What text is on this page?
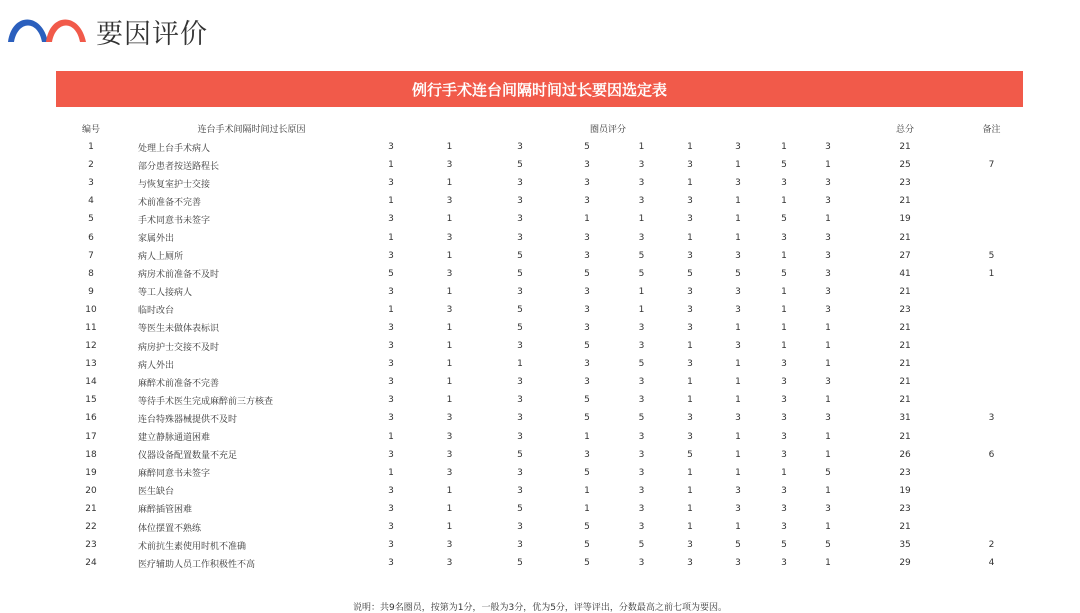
要因评价
例行手术连台间隔时间过长要因选定表
编号	连台手术间隔时间过长原因	圈员评分									总分	备注
1	处理上台手术病人	3	1	3	5	1	1	3	1	3	21	
2	部分患者按送路程长	1	3	5	3	3	3	1	5	1	25	7
3	与恢复室护士交接	3	1	3	3	3	1	3	3	3	23	
4	术前准备不完善	1	3	3	3	3	3	1	1	3	21	
5	手术同意书未签字	3	1	3	1	1	3	1	5	1	19	
6	家属外出	1	3	3	3	3	1	1	3	3	21	
7	病人上厕所	3	1	5	3	5	3	3	1	3	27	5
8	病房术前准备不及时	5	3	5	5	5	5	5	5	3	41	1
9	等工人接病人	3	1	3	3	1	3	3	1	3	21	
10	临时改台	1	3	5	3	1	3	3	1	3	23	
11	等医生未做体表标识	3	1	5	3	3	3	1	1	1	21	
12	病房护士交接不及时	3	1	3	5	3	1	3	1	1	21	
13	病人外出	3	1	1	3	5	3	1	3	1	21	
14	麻醉术前准备不完善	3	1	3	3	3	1	1	3	3	21	
15	等待手术医生完成麻醉前三方核查	3	1	3	5	3	1	1	3	1	21	
16	连台特殊器械提供不及时	3	3	3	5	5	3	3	3	3	31	3
17	建立静脉通道困难	1	3	3	1	3	3	1	3	1	21	
18	仪器设备配置数量不充足	3	3	5	3	3	5	1	3	1	26	6
19	麻醉同意书未签字	1	3	3	5	3	1	1	1	5	23	
20	医生缺台	3	1	3	1	3	1	3	3	1	19	
21	麻醉插管困难	3	1	5	1	3	1	3	3	3	23	
22	体位摆置不熟练	3	1	3	5	3	1	1	3	1	21	
23	术前抗生素使用时机不准确	3	3	3	5	5	3	5	5	5	35	2
24	医疗辅助人员工作积极性不高	3	3	5	5	3	3	3	3	1	29	4
说明：共9名圈员，按第为1分，一般为3分，优为5分，评等评出，分数最高之前七项为要因。
